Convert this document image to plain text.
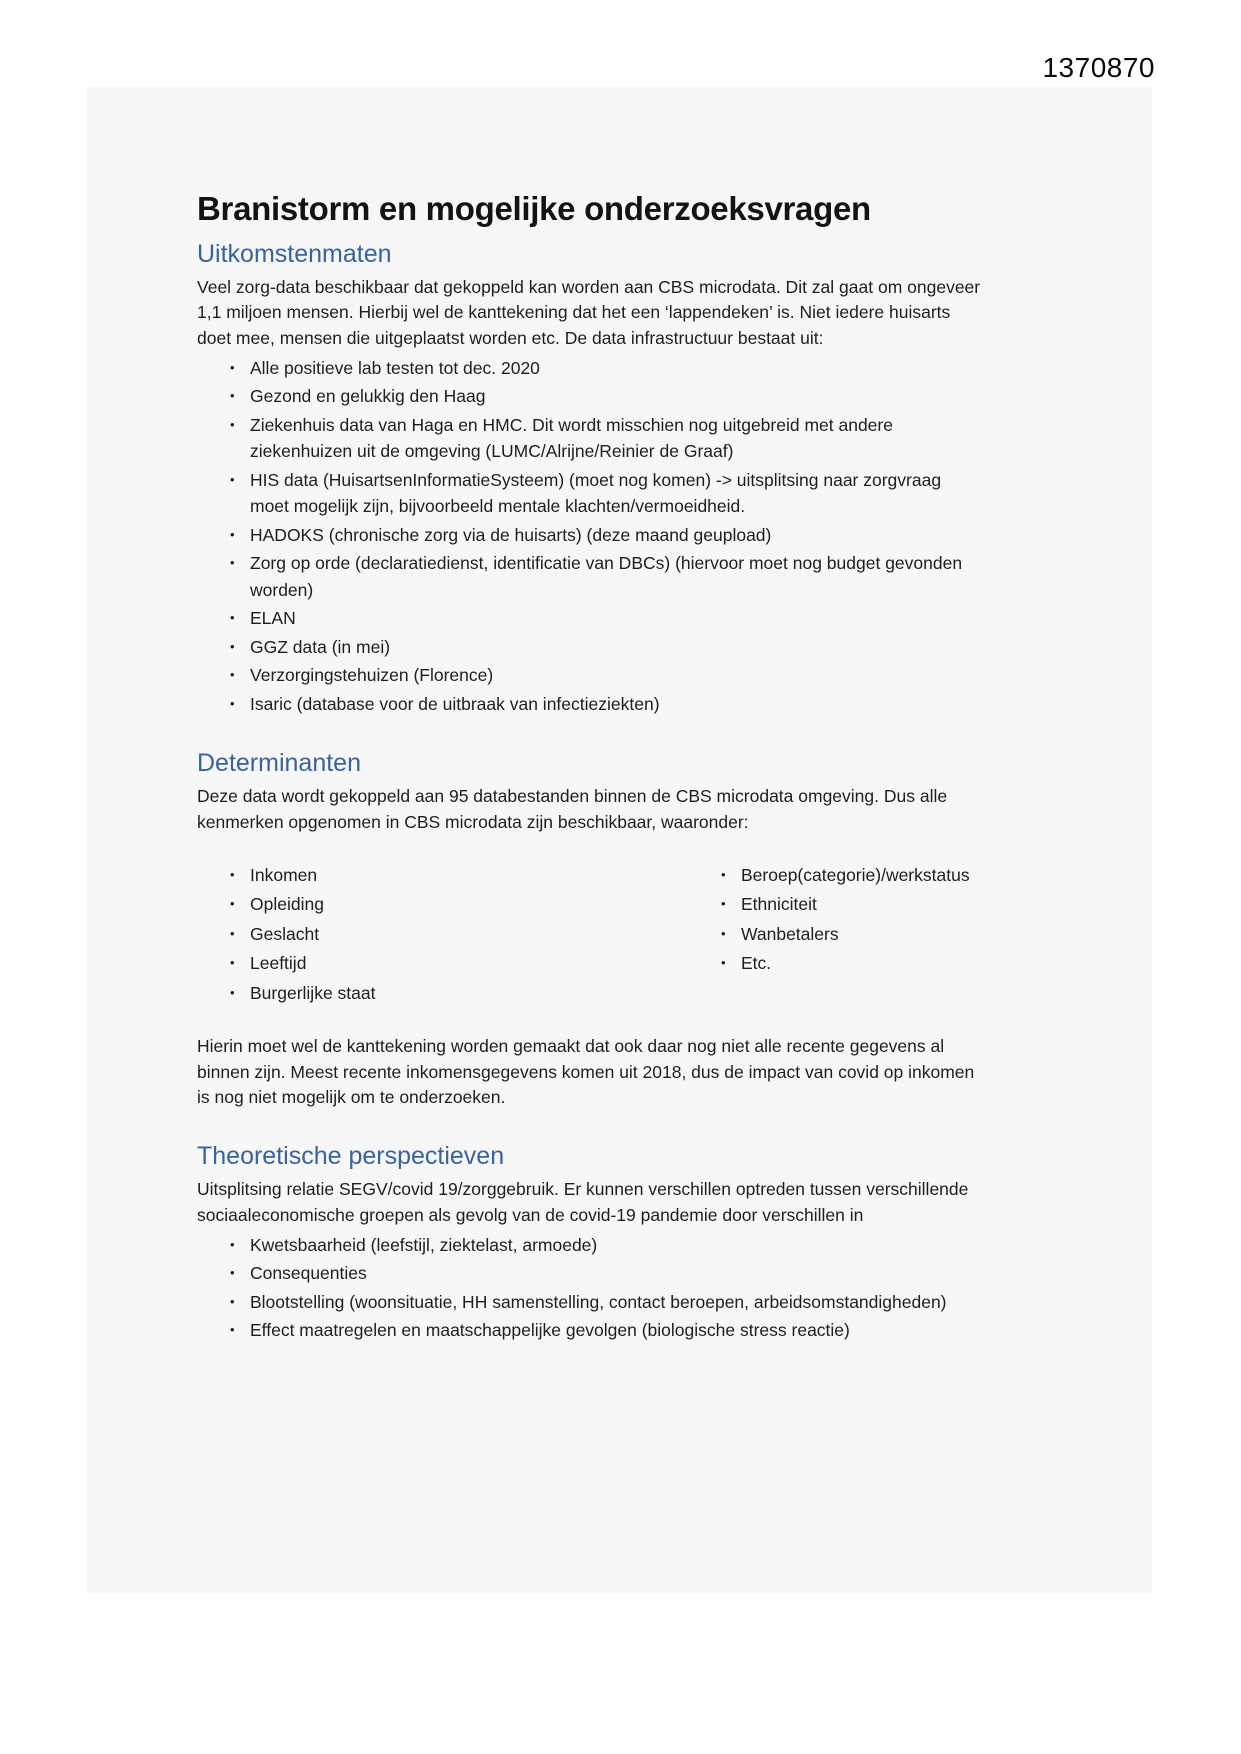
1370870
Branistorm en mogelijke onderzoeksvragen
Uitkomstenmaten
Veel zorg-data beschikbaar dat gekoppeld kan worden aan CBS microdata. Dit zal gaat om ongeveer
1,1 miljoen mensen. Hierbij wel de kanttekening dat het een ‘lappendeken’ is. Niet iedere huisarts
doet mee, mensen die uitgeplaatst worden etc. De data infrastructuur bestaat uit:
• Alle positieve lab testen tot dec. 2020
• Gezond en gelukkig den Haag
• Ziekenhuis data van Haga en HMC. Dit wordt misschien nog uitgebreid met andere
ziekenhuizen uit de omgeving (LUMC/Alrijne/Reinier de Graaf)
• HIS data (HuisartsenInformatieSysteem) (moet nog komen) -> uitsplitsing naar zorgvraag
moet mogelijk zijn, bijvoorbeeld mentale klachten/vermoeidheid.
• HADOKS (chronische zorg via de huisarts) (deze maand geupload)
• Zorg op orde (declaratiedienst, identificatie van DBCs) (hiervoor moet nog budget gevonden
worden)
• ELAN
• GGZ data (in mei)
• Verzorgingstehuizen (Florence)
• Isaric (database voor de uitbraak van infectieziekten)
Determinanten
Deze data wordt gekoppeld aan 95 databestanden binnen de CBS microdata omgeving. Dus alle
kenmerken opgenomen in CBS microdata zijn beschikbaar, waaronder:
• Inkomen
• Opleiding
• Geslacht
• Leeftijd
• Burgerlijke staat
• Beroep(categorie)/werkstatus
• Ethniciteit
• Wanbetalers
• Etc.
Hierin moet wel de kanttekening worden gemaakt dat ook daar nog niet alle recente gegevens al
binnen zijn. Meest recente inkomensgegevens komen uit 2018, dus de impact van covid op inkomen
is nog niet mogelijk om te onderzoeken.
Theoretische perspectieven
Uitsplitsing relatie SEGV/covid 19/zorggebruik. Er kunnen verschillen optreden tussen verschillende
sociaaleconomische groepen als gevolg van de covid-19 pandemie door verschillen in
• Kwetsbaarheid (leefstijl, ziektelast, armoede)
• Consequenties
• Blootstelling (woonsituatie, HH samenstelling, contact beroepen, arbeidsomstandigheden)
• Effect maatregelen en maatschappelijke gevolgen (biologische stress reactie)
